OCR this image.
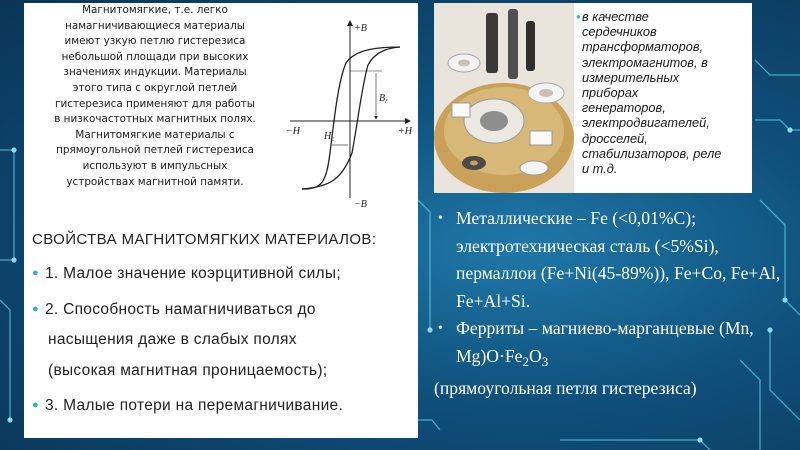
Магнитомягкие, т.е. легко
намагничивающиеся материалы
имеют узкую петлю гистерезиса
небольшой площади при высоких
значениях индукции. Материалы
этого типа с округлой петлей
гистерезиса применяют для работы
в низкочастотных магнитных полях.
Магнитомягкие материалы с
прямоугольной петлей гистерезиса
используют в импульсных
устройствах магнитной памяти.
$B_r$
$H_c$
+B
−B
+H
−H
СВОЙСТВА МАГНИТОМЯГКИХ МАТЕРИАЛОВ:
● 1. Малое значение коэрцитивной силы;
● 2. Способность намагничиваться до
насыщения даже в слабых полях
(высокая магнитная проницаемость);
● 3. Малые потери на перемагничивание.
● в качестве
сердечников
трансформаторов,
электромагнитов, в
измерительных
приборах
генераторов,
электродвигателей,
дросселей,
стабилизаторов, реле
и т.д.
• Металлические – Fe (<0,01%C); электротехническая сталь (<5%Si), пермаллои (Fe+Ni(45-89%)), Fe+Co, Fe+Al, Fe+Al+Si.
• Ферриты – магниево-марганцевые (Mn, $Mg)O\cdot Fe_2O_3$
(прямоугольная петля гистерезиса)
